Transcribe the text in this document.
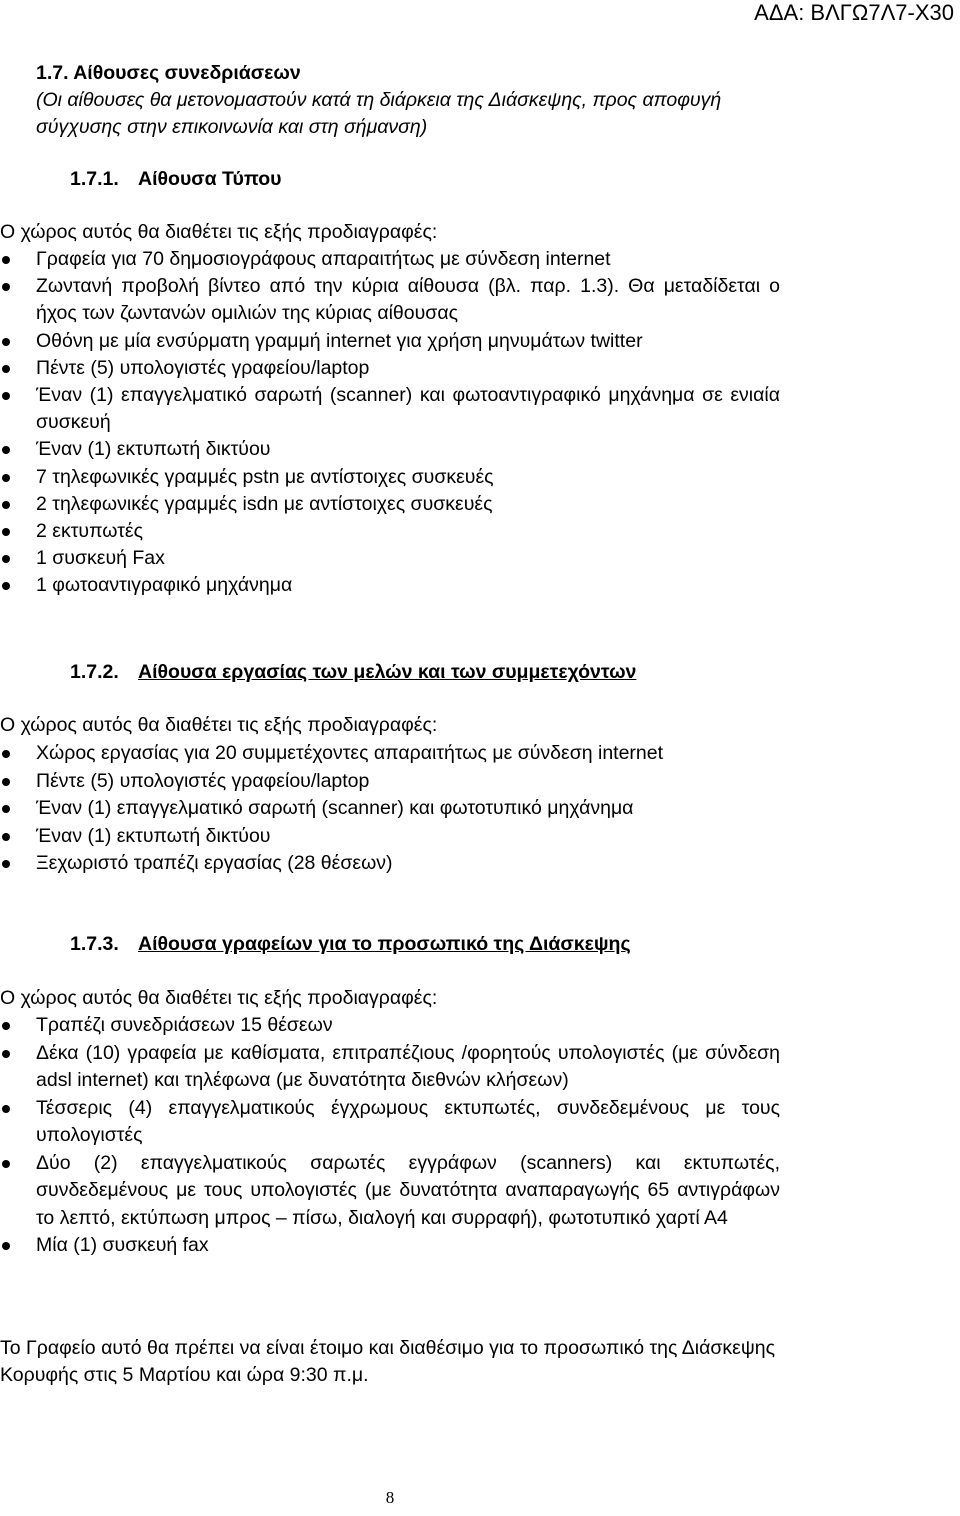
ΑΔΑ: ΒΛΓΩ7Λ7-Χ30
1.7. Αίθουσες συνεδριάσεων
(Οι αίθουσες θα μετονομαστούν κατά τη διάρκεια της Διάσκεψης, προς αποφυγή σύγχυσης στην επικοινωνία και στη σήμανση)
1.7.1. Αίθουσα Τύπου
Ο χώρος αυτός θα διαθέτει τις εξής προδιαγραφές:
Γραφεία για 70 δημοσιογράφους απαραιτήτως με σύνδεση internet
Ζωντανή προβολή βίντεο από την κύρια αίθουσα (βλ. παρ. 1.3). Θα μεταδίδεται ο ήχος των ζωντανών ομιλιών της κύριας αίθουσας
Οθόνη με μία ενσύρματη γραμμή internet για χρήση μηνυμάτων twitter
Πέντε (5) υπολογιστές γραφείου/laptop
Έναν (1) επαγγελματικό σαρωτή (scanner) και φωτοαντιγραφικό μηχάνημα σε ενιαία συσκευή
Έναν (1) εκτυπωτή δικτύου
7 τηλεφωνικές γραμμές pstn με αντίστοιχες συσκευές
2 τηλεφωνικές γραμμές isdn με αντίστοιχες συσκευές
2 εκτυπωτές
1 συσκευή Fax
1 φωτοαντιγραφικό μηχάνημα
1.7.2. Αίθουσα εργασίας των μελών και των συμμετεχόντων
Ο χώρος αυτός θα διαθέτει τις εξής προδιαγραφές:
Χώρος εργασίας για 20 συμμετέχοντες απαραιτήτως με σύνδεση internet
Πέντε (5) υπολογιστές γραφείου/laptop
Έναν (1) επαγγελματικό σαρωτή (scanner) και φωτοτυπικό μηχάνημα
Έναν (1) εκτυπωτή δικτύου
Ξεχωριστό τραπέζι εργασίας (28 θέσεων)
1.7.3. Αίθουσα γραφείων για το προσωπικό της Διάσκεψης
Ο χώρος αυτός θα διαθέτει τις εξής προδιαγραφές:
Τραπέζι συνεδριάσεων 15 θέσεων
Δέκα (10) γραφεία με καθίσματα, επιτραπέζιους /φορητούς υπολογιστές (με σύνδεση adsl internet) και τηλέφωνα (με δυνατότητα διεθνών κλήσεων)
Τέσσερις (4) επαγγελματικούς έγχρωμους εκτυπωτές, συνδεδεμένους με τους υπολογιστές
Δύο (2) επαγγελματικούς σαρωτές εγγράφων (scanners) και εκτυπωτές, συνδεδεμένους με τους υπολογιστές (με δυνατότητα αναπαραγωγής 65 αντιγράφων το λεπτό, εκτύπωση μπρος – πίσω, διαλογή και συρραφή), φωτοτυπικό χαρτί Α4
Μία (1) συσκευή fax
Το Γραφείο αυτό θα πρέπει να είναι έτοιμο και διαθέσιμο για το προσωπικό της Διάσκεψης Κορυφής στις 5 Μαρτίου και ώρα 9:30 π.μ.
8
